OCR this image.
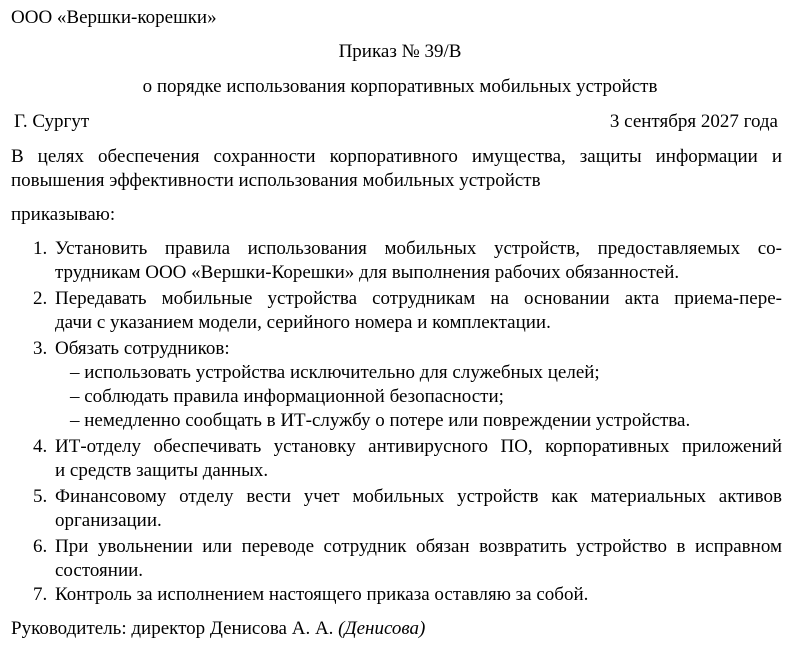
ООО «Вершки-корешки»
Приказ № 39/В
о порядке использования корпоративных мобильных устройств
Г. Сургут	3 сентября 2027 года
В целях обеспечения сохранности корпоративного имущества, защиты информации и
повышения эффективности использования мобильных устройств
приказываю:
1. Установить правила использования мобильных устройств, предоставляемых со-
трудникам ООО «Вершки-Корешки» для выполнения рабочих обязанностей.
2. Передавать мобильные устройства сотрудникам на основании акта приема-пере-
дачи с указанием модели, серийного номера и комплектации.
3. Обязать сотрудников:
– использовать устройства исключительно для служебных целей;
– соблюдать правила информационной безопасности;
– немедленно сообщать в ИТ-службу о потере или повреждении устройства.
4. ИТ-отделу обеспечивать установку антивирусного ПО, корпоративных приложений
и средств защиты данных.
5. Финансовому отделу вести учет мобильных устройств как материальных активов
организации.
6. При увольнении или переводе сотрудник обязан возвратить устройство в исправном
состоянии.
7. Контроль за исполнением настоящего приказа оставляю за собой.
Руководитель: директор Денисова А. А. (Денисова)
